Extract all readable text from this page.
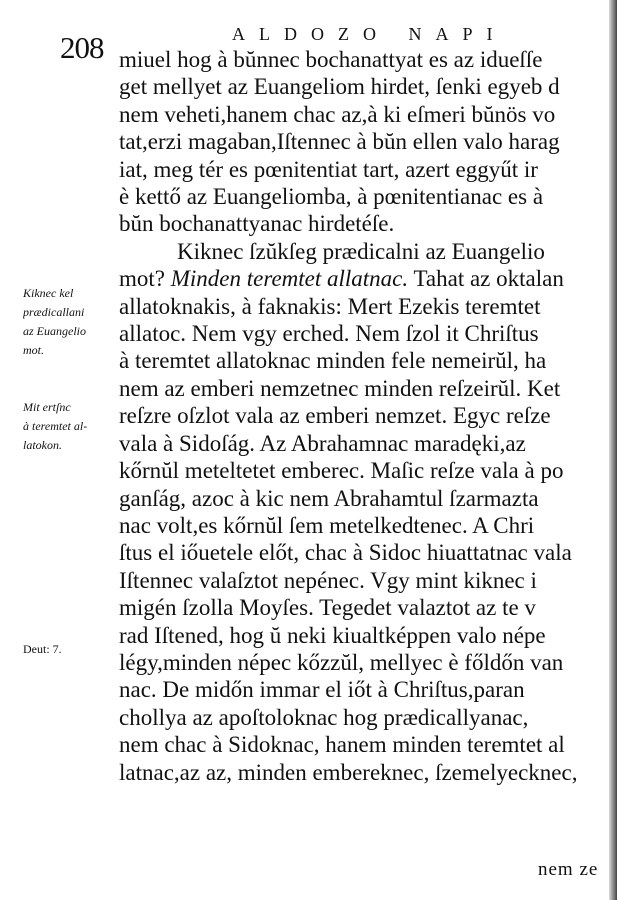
208	ALDOZO NAPI
miuel hog à bŭnnec bochanattyat es az idueſſe
get mellyet az Euangeliom hirdet, ſenki egyeb d
nem veheti,hanem chac az,à ki eſmeri bŭnös vo
tat,erzi magaban,Iſtennec à bŭn ellen valo harag
iat, meg tér es pœnitentiat tart, azert eggyűt ir
è kettő az Euangeliomba, à pœnitentianac es à
bŭn bochanattyanac hirdetéſe.
Kiknec ſzŭkſeg prædicalni az Euangelio
mot? Minden teremtet allatnac. Tahat az oktalan
allatoknakis, à faknakis: Mert Ezekis teremtet
allatoc. Nem vgy erched. Nem ſzol it Chriſtus
à teremtet allatoknac minden fele nemeirŭl, ha
nem az emberi nemzetnec minden reſzeirŭl. Ket
reſzre oſzlot vala az emberi nemzet. Egyc reſze
vala à Sidoſág. Az Abrahamnac maradęki,az
kőrnŭl meteltetet emberec. Maſic reſze vala à po
ganſág, azoc à kic nem Abrahamtul ſzarmazta
nac volt,es kőrnŭl ſem metelkedtenec. A Chri
ſtus el iőuetele előt, chac à Sidoc hiuattatnac vala
Iſtennec valaſztot nepénec. Vgy mint kiknec i
migén ſzolla Moyſes. Tegedet valaztot az te v
rad Iſtened, hog ŭ neki kiualtképpen valo népe
légy,minden népec kőzzŭl, mellyec è főldőn van
nac. De midőn immar el iőt à Chriſtus,paran
chollya az apoſtoloknac hog prædicallyanac,
nem chac à Sidoknac, hanem minden teremtet al
latnac,az az, minden embereknec, ſzemelyecknec,
Kiknec kel
prædicallani
az Euangelio
mot.
Mit ertſnc
à teremtet al-
latokon.
Deut: 7.
nem ze
